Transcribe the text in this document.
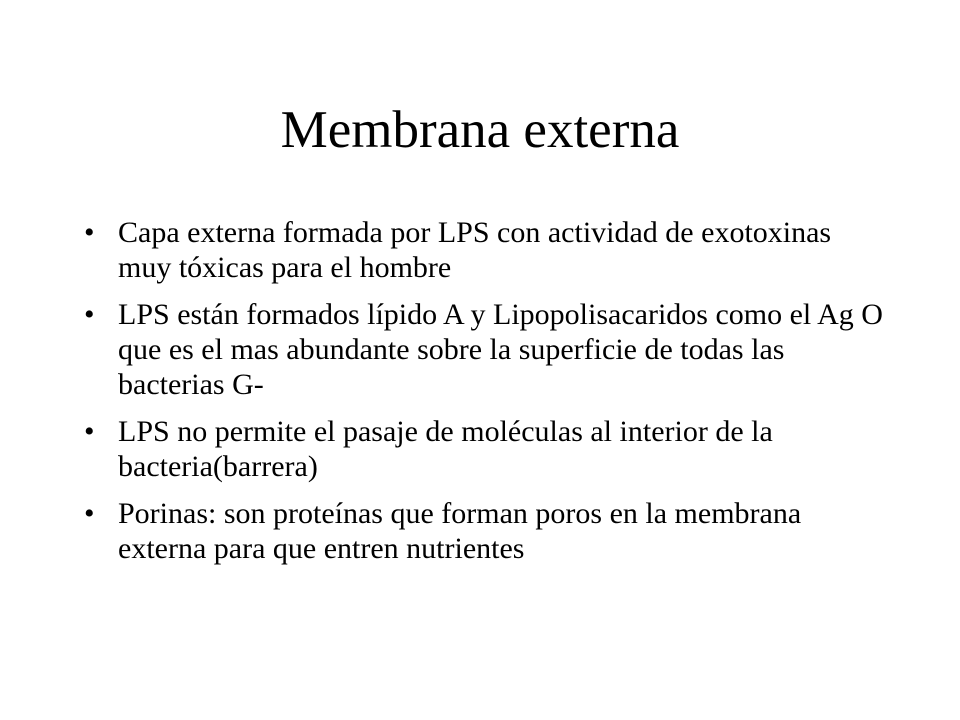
Membrana externa
• Capa externa formada por LPS con actividad de exotoxinas muy tóxicas para el hombre
• LPS están formados lípido A y Lipopolisacaridos como el Ag O que es el mas abundante sobre la superficie de todas las bacterias G-
• LPS no permite el pasaje de moléculas al interior de la bacteria(barrera)
• Porinas: son proteínas que forman poros en la membrana externa para que entren nutrientes
